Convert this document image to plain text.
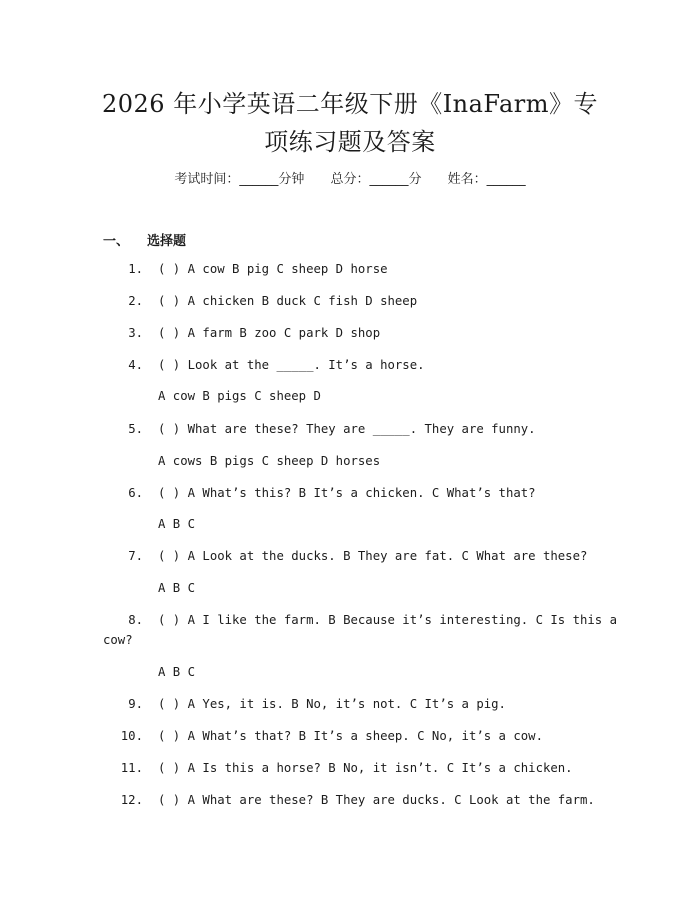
2026 年小学英语二年级下册《InaFarm》专
项练习题及答案
考试时间：______分钟 总分：______分 姓名：______
一、 选择题
1. ( ) A cow B pig C sheep D horse
2. ( ) A chicken B duck C fish D sheep
3. ( ) A farm B zoo C park D shop
4. ( ) Look at the _____. It’s a horse.
A cow B pigs C sheep D
5. ( ) What are these? They are _____. They are funny.
A cows B pigs C sheep D horses
6. ( ) A What’s this? B It’s a chicken. C What’s that?
A B C
7. ( ) A Look at the ducks. B They are fat. C What are these?
A B C
8. ( ) A I like the farm. B Because it’s interesting. C Is this a
cow?
A B C
9. ( ) A Yes, it is. B No, it’s not. C It’s a pig.
10. ( ) A What’s that? B It’s a sheep. C No, it’s a cow.
11. ( ) A Is this a horse? B No, it isn’t. C It’s a chicken.
12. ( ) A What are these? B They are ducks. C Look at the farm.
